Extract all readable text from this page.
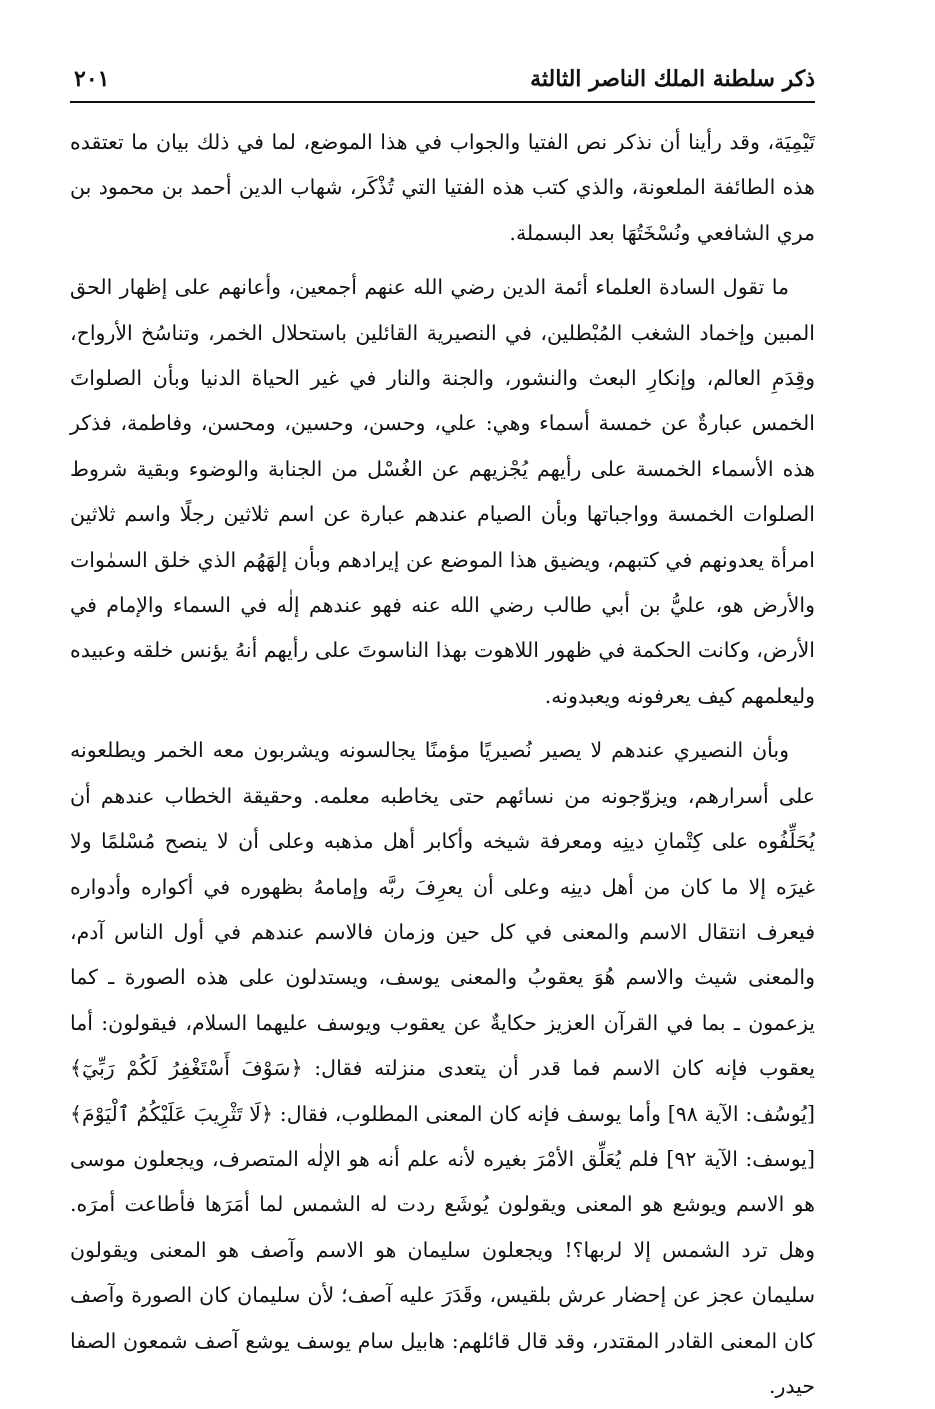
ذكر سلطنة الملك الناصر الثالثة
٢٠١

تَيْمِيَة، وقد رأينا أن نذكر نص الفتيا والجواب في هذا الموضع، لما في ذلك بيان ما تعتقده هذه الطائفة الملعونة، والذي كتب هذه الفتيا التي تُذْكَر، شهاب الدين أحمد بن محمود بن مري الشافعي ونُسْخَتُهَا بعد البسملة.

ما تقول السادة العلماء أئمة الدين رضي الله عنهم أجمعين، وأعانهم على إظهار الحق المبين وإخماد الشغب المُبْطلين، في النصيرية القائلين باستحلال الخمر، وتناسُخ الأرواح، وقِدَمِ العالم، وإنكارِ البعث والنشور، والجنة والنار في غير الحياة الدنيا وبأن الصلواتَ الخمس عبارةٌ عن خمسة أسماء وهي: علي، وحسن، وحسين، ومحسن، وفاطمة، فذكر هذه الأسماء الخمسة على رأيهم يُجْزيهم عن الغُسْل من الجنابة والوضوء وبقية شروط الصلوات الخمسة وواجباتها وبأن الصيام عندهم عبارة عن اسم ثلاثين رجلًا واسم ثلاثين امرأة يعدونهم في كتبهم، ويضيق هذا الموضع عن إيرادهم وبأن إلهَهُم الذي خلق السمٰوات والأرض هو، عليُّ بن أبي طالب رضي الله عنه فهو عندهم إلٰه في السماء والإمام في الأرض، وكانت الحكمة في ظهور اللاهوت بهذا الناسوتَ على رأيهم أنهُ يؤنس خلقه وعبيده وليعلمهم كيف يعرفونه ويعبدونه.

وبأن النصيري عندهم لا يصير نُصيريًا مؤمنًا يجالسونه ويشربون معه الخمر ويطلعونه على أسرارهم، ويزوّجونه من نسائهم حتى يخاطبه معلمه. وحقيقة الخطاب عندهم أن يُحَلِّفُوه على كِتْمانِ دينِه ومعرفة شيخه وأكابر أهل مذهبه وعلى أن لا ينصح مُسْلمًا ولا غيرَه إلا ما كان من أهل دينِه وعلى أن يعرِفَ ربَّه وإمامهُ بظهوره في أكواره وأدواره فيعرف انتقال الاسم والمعنى في كل حين وزمان فالاسم عندهم في أول الناس آدم، والمعنى شيث والاسم هُوَ يعقوبُ والمعنى يوسف، ويستدلون على هذه الصورة ـ كما يزعمون ـ بما في القرآن العزيز حكايةٌ عن يعقوب ويوسف عليهما السلام، فيقولون: أما يعقوب فإنه كان الاسم فما قدر أن يتعدى منزلته فقال: ﴿سَوْفَ أَسْتَغْفِرُ لَكُمْ رَبِّيٓ﴾ [يُوسُف: الآية ٩٨] وأما يوسف فإنه كان المعنى المطلوب، فقال: ﴿لَا تَثْرِيبَ عَلَيْكُمُ ٱلْيَوْمَ﴾ [يوسف: الآية ٩٢] فلم يُعَلِّق الأمْرَ بغيره لأنه علم أنه هو الإلٰه المتصرف، ويجعلون موسى هو الاسم ويوشع هو المعنى ويقولون يُوشَع ردت له الشمس لما أمَرَها فأطاعت أمرَه. وهل ترد الشمس إلا لربها؟! ويجعلون سليمان هو الاسم وآصف هو المعنى ويقولون سليمان عجز عن إحضار عرش بلقيس، وقَدَرَ عليه آصف؛ لأن سليمان كان الصورة وآصف كان المعنى القادر المقتدر، وقد قال قائلهم: هابيل سام يوسف يوشع آصف شمعون الصفا حيدر.
